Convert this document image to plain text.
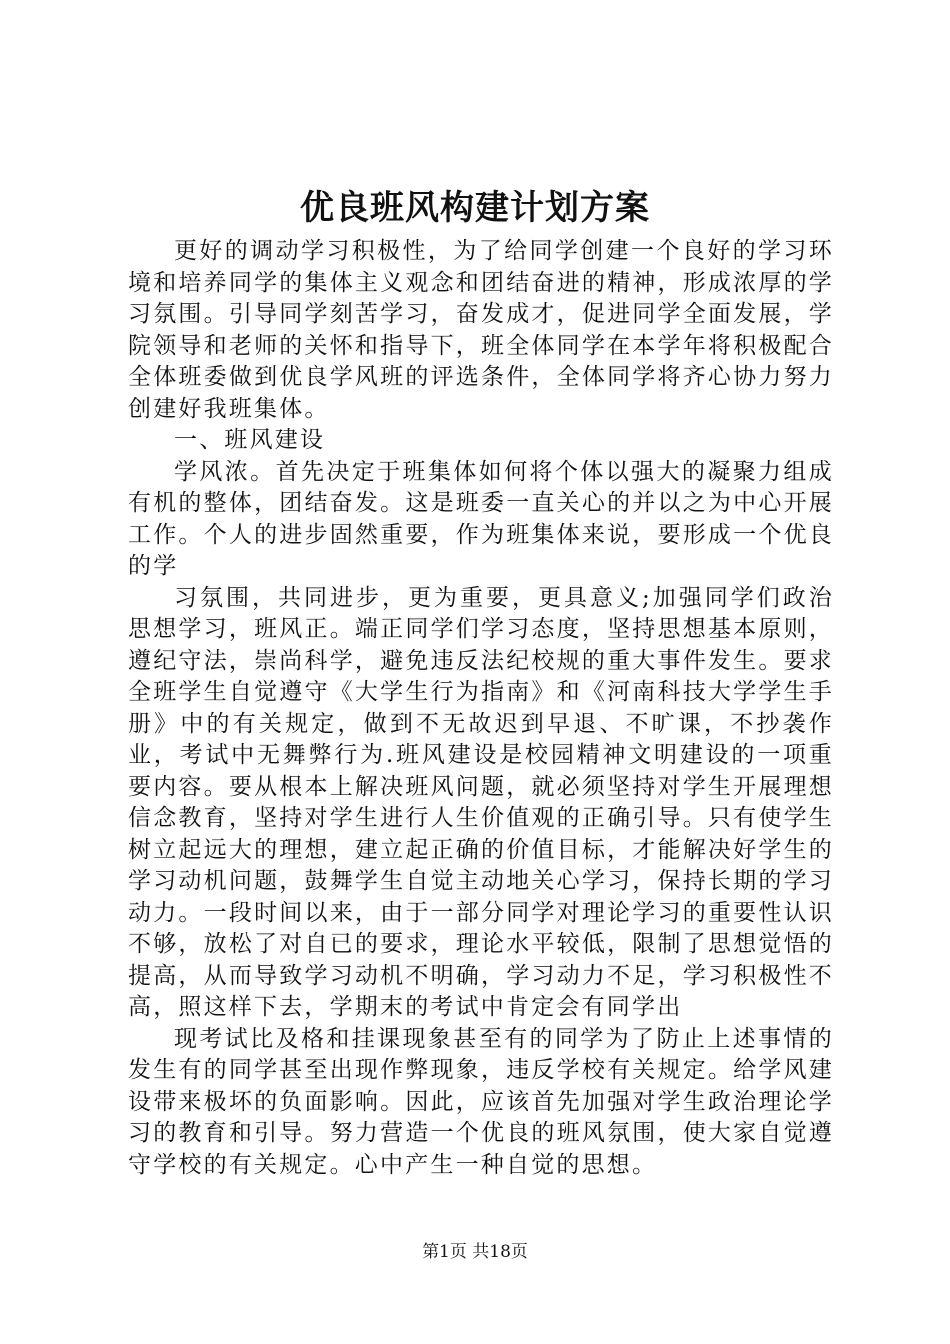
优良班风构建计划方案

更好的调动学习积极性，为了给同学创建一个良好的学习环境和培养同学的集体主义观念和团结奋进的精神，形成浓厚的学习氛围。引导同学刻苦学习，奋发成才，促进同学全面发展，学院领导和老师的关怀和指导下，班全体同学在本学年将积极配合全体班委做到优良学风班的评选条件，全体同学将齐心协力努力创建好我班集体。

一、班风建设

学风浓。首先决定于班集体如何将个体以强大的凝聚力组成有机的整体，团结奋发。这是班委一直关心的并以之为中心开展工作。个人的进步固然重要，作为班集体来说，要形成一个优良的学

习氛围，共同进步，更为重要，更具意义;加强同学们政治思想学习，班风正。端正同学们学习态度，坚持思想基本原则，遵纪守法，崇尚科学，避免违反法纪校规的重大事件发生。要求全班学生自觉遵守《大学生行为指南》和《河南科技大学学生手册》中的有关规定，做到不无故迟到早退、不旷课，不抄袭作业，考试中无舞弊行为.班风建设是校园精神文明建设的一项重要内容。要从根本上解决班风问题，就必须坚持对学生开展理想信念教育，坚持对学生进行人生价值观的正确引导。只有使学生树立起远大的理想，建立起正确的价值目标，才能解决好学生的学习动机问题，鼓舞学生自觉主动地关心学习，保持长期的学习动力。一段时间以来，由于一部分同学对理论学习的重要性认识不够，放松了对自已的要求，理论水平较低，限制了思想觉悟的提高，从而导致学习动机不明确，学习动力不足，学习积极性不高，照这样下去，学期末的考试中肯定会有同学出

现考试比及格和挂课现象甚至有的同学为了防止上述事情的发生有的同学甚至出现作弊现象，违反学校有关规定。给学风建设带来极坏的负面影响。因此，应该首先加强对学生政治理论学习的教育和引导。努力营造一个优良的班风氛围，使大家自觉遵守学校的有关规定。心中产生一种自觉的思想。

第1页 共18页
